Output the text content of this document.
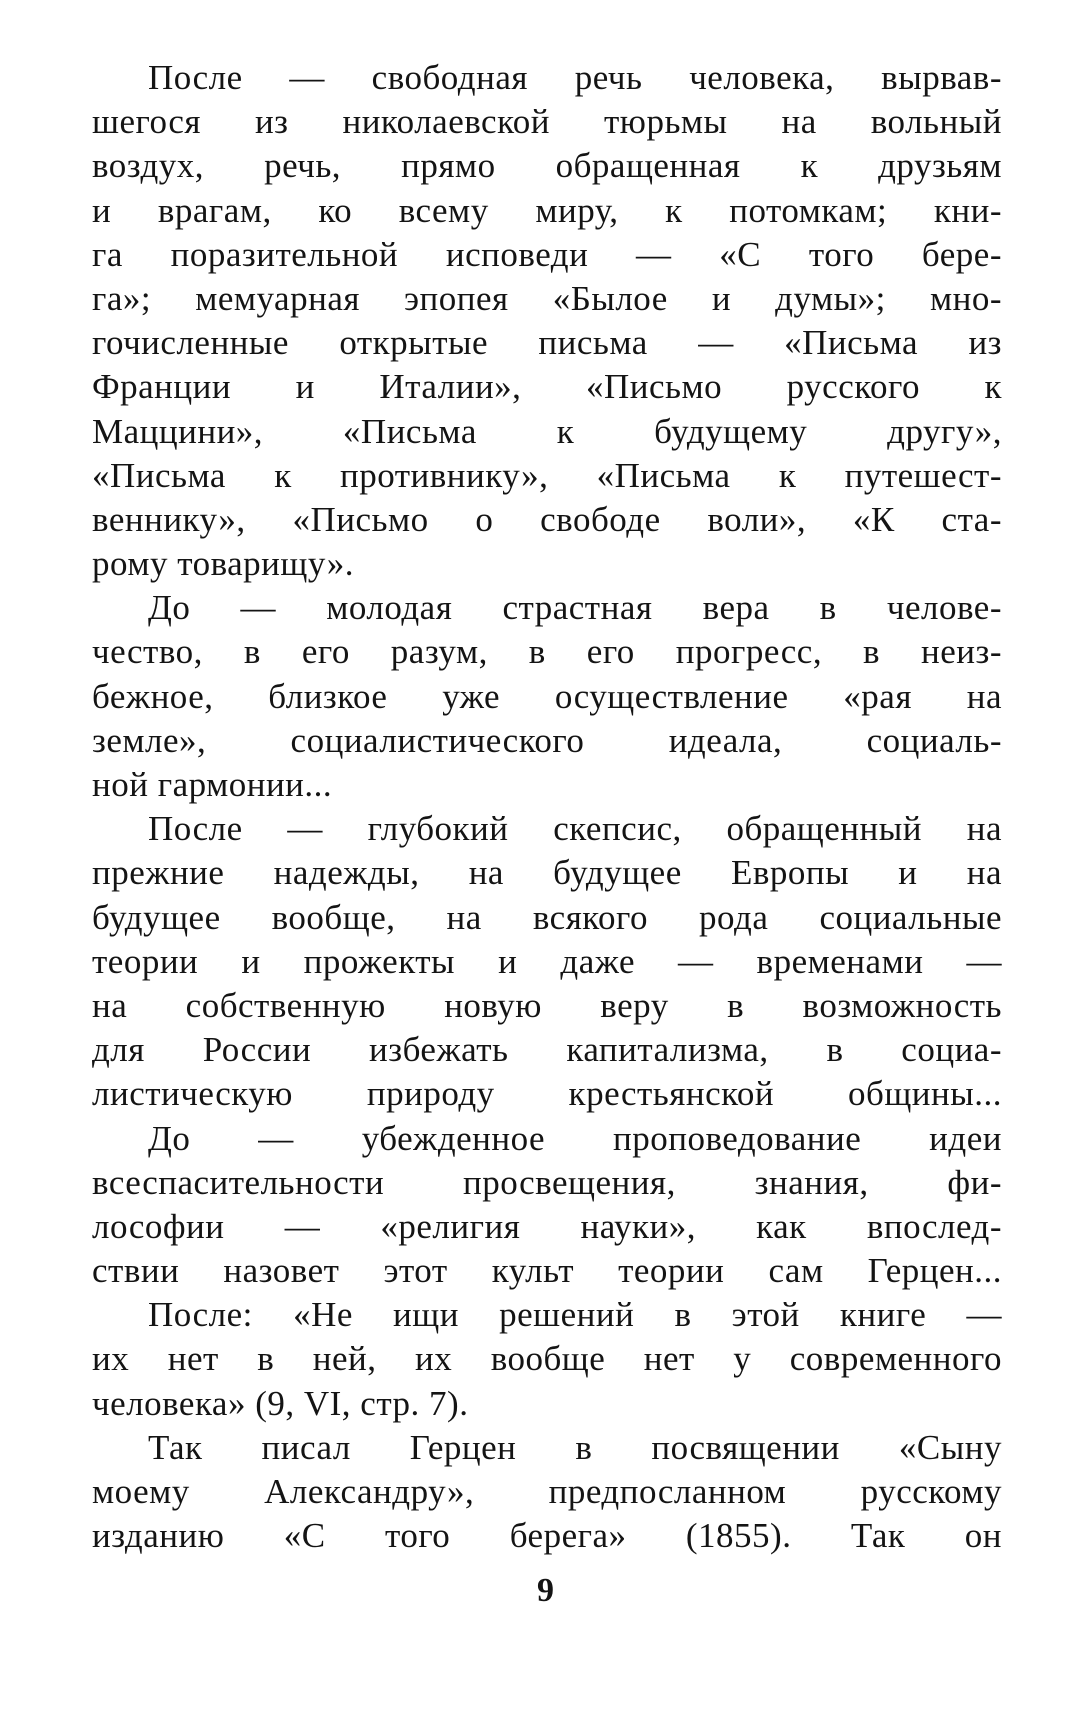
После — свободная речь человека, вырвав-
шегося из николаевской тюрьмы на вольный
воздух, речь, прямо обращенная к друзьям
и врагам, ко всему миру, к потомкам; кни-
га поразительной исповеди — «С того бере-
га»; мемуарная эпопея «Былое и думы»; мно-
гочисленные открытые письма — «Письма из
Франции и Италии», «Письмо русского к
Маццини», «Письма к будущему другу»,
«Письма к противнику», «Письма к путешест-
веннику», «Письмо о свободе воли», «К ста-
рому товарищу».
До — молодая страстная вера в челове-
чество, в его разум, в его прогресс, в неиз-
бежное, близкое уже осуществление «рая на
земле», социалистического идеала, социаль-
ной гармонии...
После — глубокий скепсис, обращенный на
прежние надежды, на будущее Европы и на
будущее вообще, на всякого рода социальные
теории и прожекты и даже — временами —
на собственную новую веру в возможность
для России избежать капитализма, в социа-
листическую природу крестьянской общины...
До — убежденное проповедование идеи
всеспасительности просвещения, знания, фи-
лософии — «религия науки», как впослед-
ствии назовет этот культ теории сам Герцен...
После: «Не ищи решений в этой книге —
их нет в ней, их вообще нет у современного
человека» (9, VI, стр. 7).
Так писал Герцен в посвящении «Сыну
моему Александру», предпосланном русскому
изданию «С того берега» (1855). Так он
9
